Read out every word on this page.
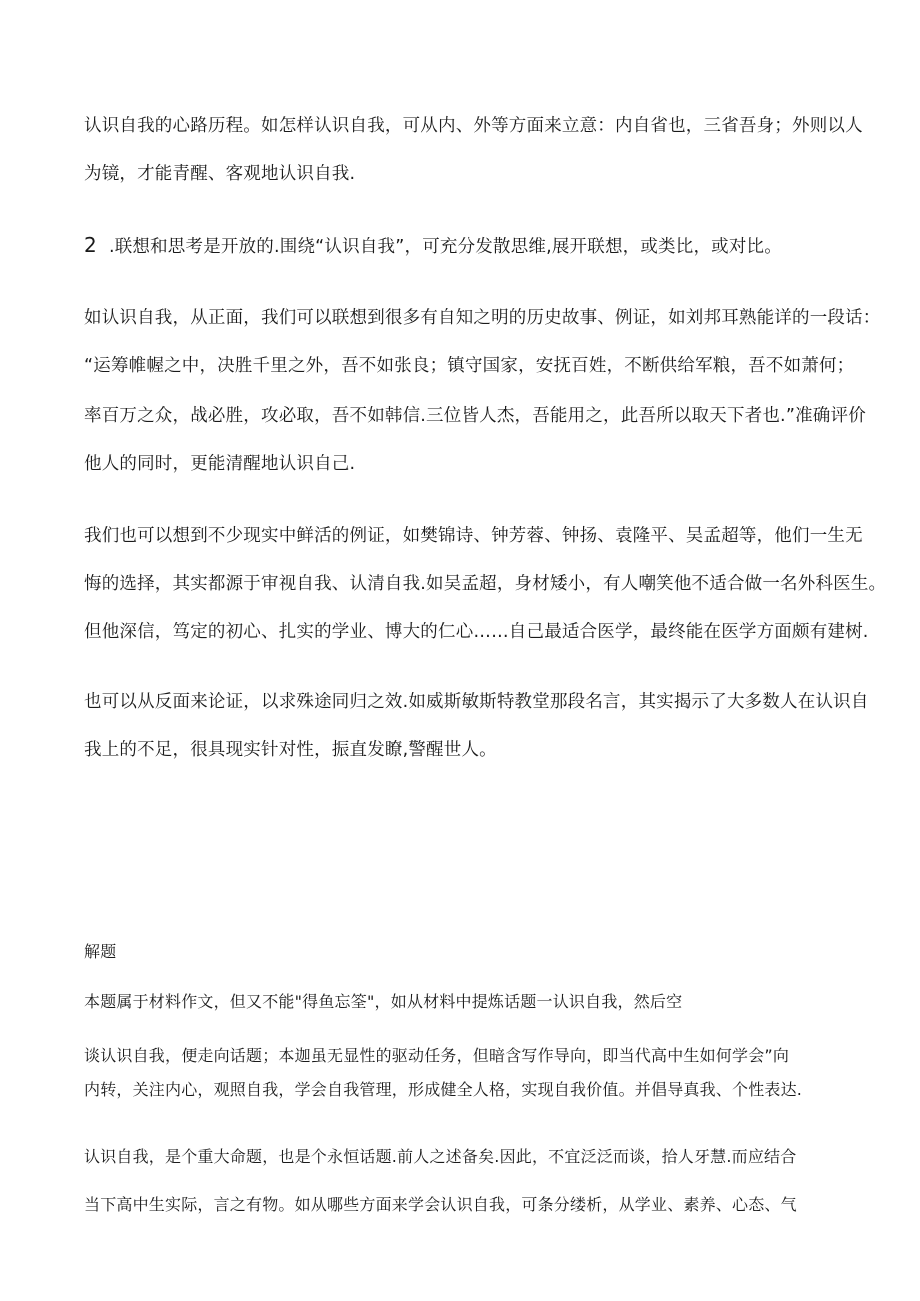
认识自我的心路历程。如怎样认识自我，可从内、外等方面来立意：内自省也，三省吾身；外则以人

为镜，才能青醒、客观地认识自我.

2 .联想和思考是开放的.围绕“认识自我”，可充分发散思维,展开联想，或类比，或对比。

如认识自我，从正面，我们可以联想到很多有自知之明的历史故事、例证，如刘邦耳熟能详的一段话：

“运筹帷幄之中，决胜千里之外，吾不如张良；镇守国家，安抚百姓，不断供给军粮，吾不如萧何；

率百万之众，战必胜，攻必取，吾不如韩信.三位皆人杰，吾能用之，此吾所以取天下者也.”准确评价

他人的同时，更能清醒地认识自己.

我们也可以想到不少现实中鲜活的例证，如樊锦诗、钟芳蓉、钟扬、袁隆平、吴孟超等，他们一生无

悔的选择，其实都源于审视自我、认清自我.如吴孟超，身材矮小，有人嘲笑他不适合做一名外科医生。

但他深信，笃定的初心、扎实的学业、博大的仁心……自己最适合医学，最终能在医学方面颇有建树.

也可以从反面来论证，以求殊途同归之效.如威斯敏斯特教堂那段名言，其实揭示了大多数人在认识自

我上的不足，很具现实针对性，振直发瞭,警醒世人。

解题

本题属于材料作文，但又不能"得鱼忘筌"，如从材料中提炼话题一认识自我，然后空

谈认识自我，便走向话题；本迦虽无显性的驱动任务，但暗含写作导向，即当代高中生如何学会”向

内转，关注内心，观照自我，学会自我管理，形成健全人格，实现自我价值。并倡导真我、个性表达.

认识自我，是个重大命题，也是个永恒话题.前人之述备矣.因此，不宜泛泛而谈，拾人牙慧.而应结合

当下高中生实际，言之有物。如从哪些方面来学会认识自我，可条分缕析，从学业、素养、心态、气
